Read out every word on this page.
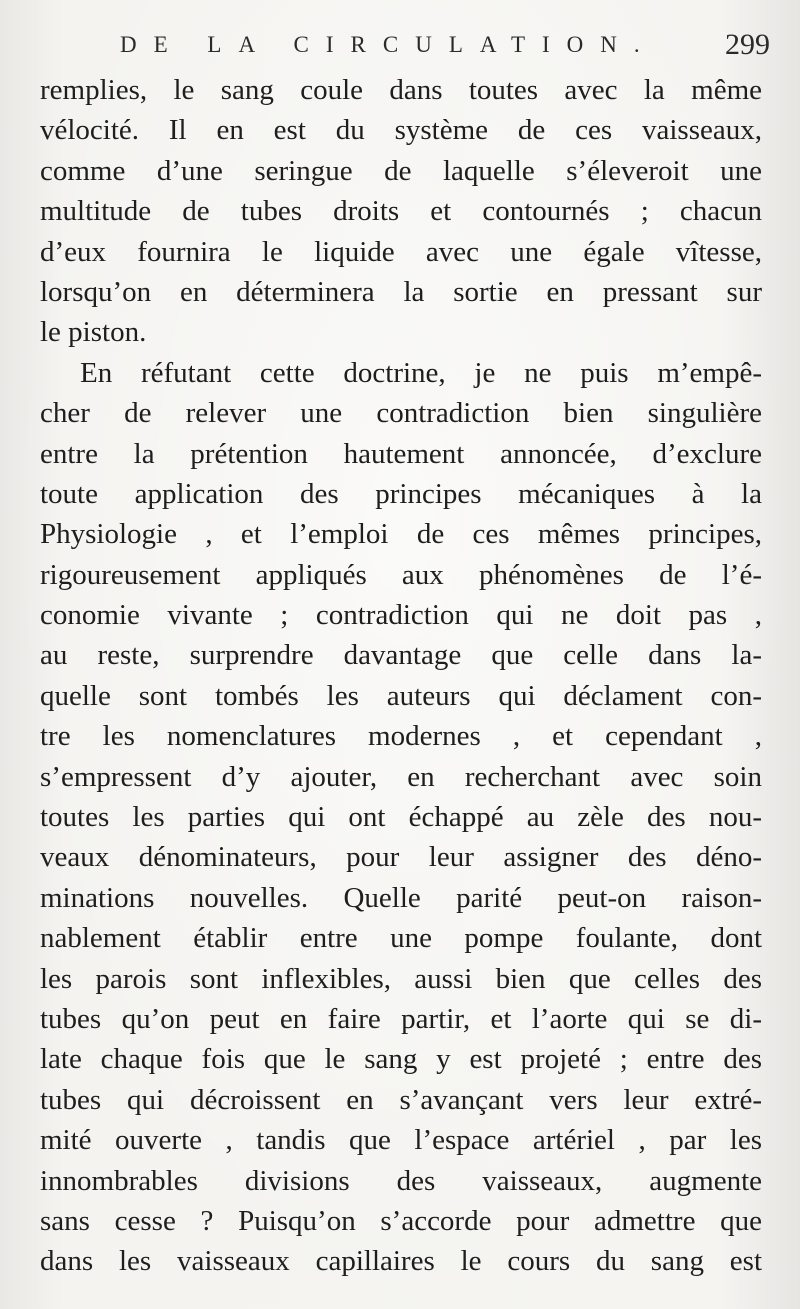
DE LA CIRCULATION. 299
remplies, le sang coule dans toutes avec la même
vélocité. Il en est du système de ces vaisseaux,
comme d’une seringue de laquelle s’éleveroit une
multitude de tubes droits et contournés ; chacun
d’eux fournira le liquide avec une égale vîtesse,
lorsqu’on en déterminera la sortie en pressant sur
le piston.
En réfutant cette doctrine, je ne puis m’empê-
cher de relever une contradiction bien singulière
entre la prétention hautement annoncée, d’exclure
toute application des principes mécaniques à la
Physiologie , et l’emploi de ces mêmes principes,
rigoureusement appliqués aux phénomènes de l’é-
conomie vivante ; contradiction qui ne doit pas ,
au reste, surprendre davantage que celle dans la-
quelle sont tombés les auteurs qui déclament con-
tre les nomenclatures modernes , et cependant ,
s’empressent d’y ajouter, en recherchant avec soin
toutes les parties qui ont échappé au zèle des nou-
veaux dénominateurs, pour leur assigner des déno-
minations nouvelles. Quelle parité peut-on raison-
nablement établir entre une pompe foulante, dont
les parois sont inflexibles, aussi bien que celles des
tubes qu’on peut en faire partir, et l’aorte qui se di-
late chaque fois que le sang y est projeté ; entre des
tubes qui décroissent en s’avançant vers leur extré-
mité ouverte , tandis que l’espace artériel , par les
innombrables divisions des vaisseaux, augmente
sans cesse ? Puisqu’on s’accorde pour admettre que
dans les vaisseaux capillaires le cours du sang est
